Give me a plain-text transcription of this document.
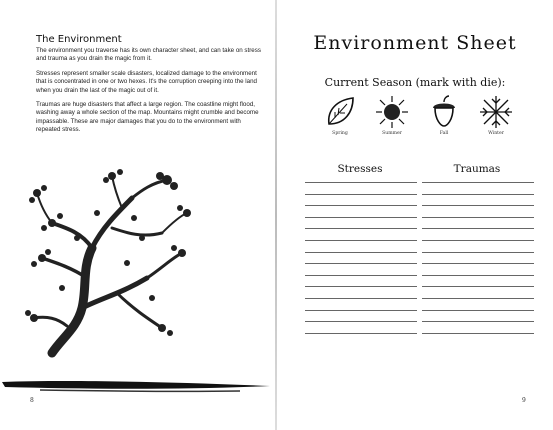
The Environment

The environment you traverse has its own character sheet, and can take on stress and trauma as you drain the magic from it.

Stresses represent smaller scale disasters, localized damage to the environment that is concentrated in one or two hexes. It's the corruption creeping into the land when you drain the last of the magic out of it.

Traumas are huge disasters that affect a large region. The coastline might flood, washing away a whole section of the map. Mountains might crumble and become impassable. These are major damages that you do to the environment with repeated stress.

8
Environment Sheet
Current Season (mark with die):
Spring	Summer	Fall	Winter
Stresses	Traumas
9
